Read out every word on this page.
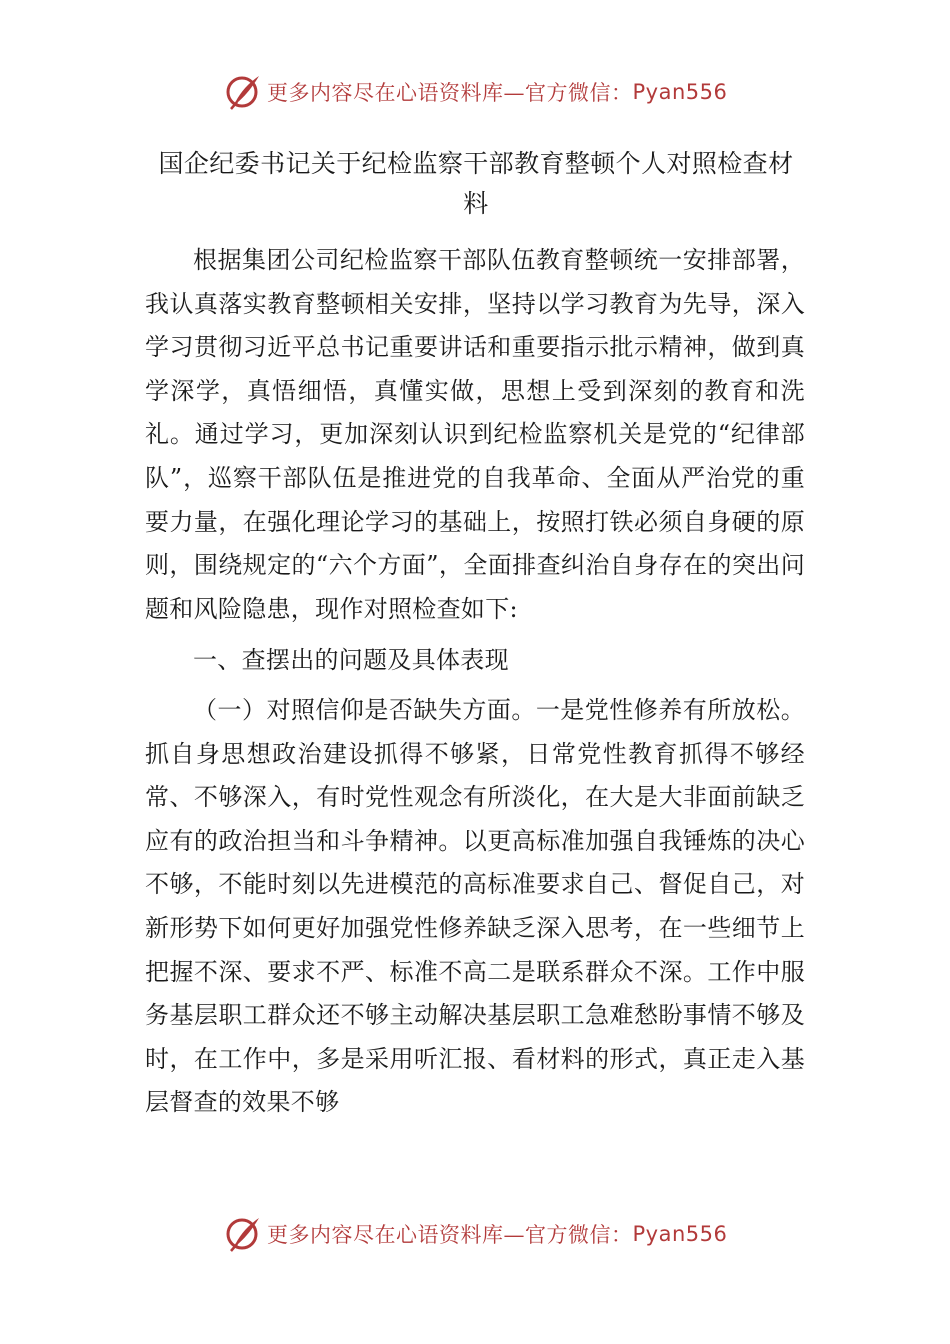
更多内容尽在心语资料库—官方微信： Pyan556
国企纪委书记关于纪检监察干部教育整顿个人对照检查材料

根据集团公司纪检监察干部队伍教育整顿统一安排部署，我认真落实教育整顿相关安排，坚持以学习教育为先导，深入学习贯彻习近平总书记重要讲话和重要指示批示精神，做到真学深学，真悟细悟，真懂实做，思想上受到深刻的教育和洗礼。通过学习，更加深刻认识到纪检监察机关是党的“纪律部队”，巡察干部队伍是推进党的自我革命、全面从严治党的重要力量，在强化理论学习的基础上，按照打铁必须自身硬的原则，围绕规定的“六个方面”，全面排查纠治自身存在的突出问题和风险隐患，现作对照检查如下:

一、查摆出的问题及具体表现

（一）对照信仰是否缺失方面。一是党性修养有所放松。抓自身思想政治建设抓得不够紧，日常党性教育抓得不够经常、不够深入，有时党性观念有所淡化，在大是大非面前缺乏应有的政治担当和斗争精神。以更高标准加强自我锤炼的决心不够，不能时刻以先进模范的高标准要求自己、督促自己，对新形势下如何更好加强党性修养缺乏深入思考，在一些细节上把握不深、要求不严、标准不高二是联系群众不深。工作中服务基层职工群众还不够主动解决基层职工急难愁盼事情不够及时，在工作中，多是采用听汇报、看材料的形式，真正走入基层督查的效果不够

更多内容尽在心语资料库—官方微信： Pyan556
